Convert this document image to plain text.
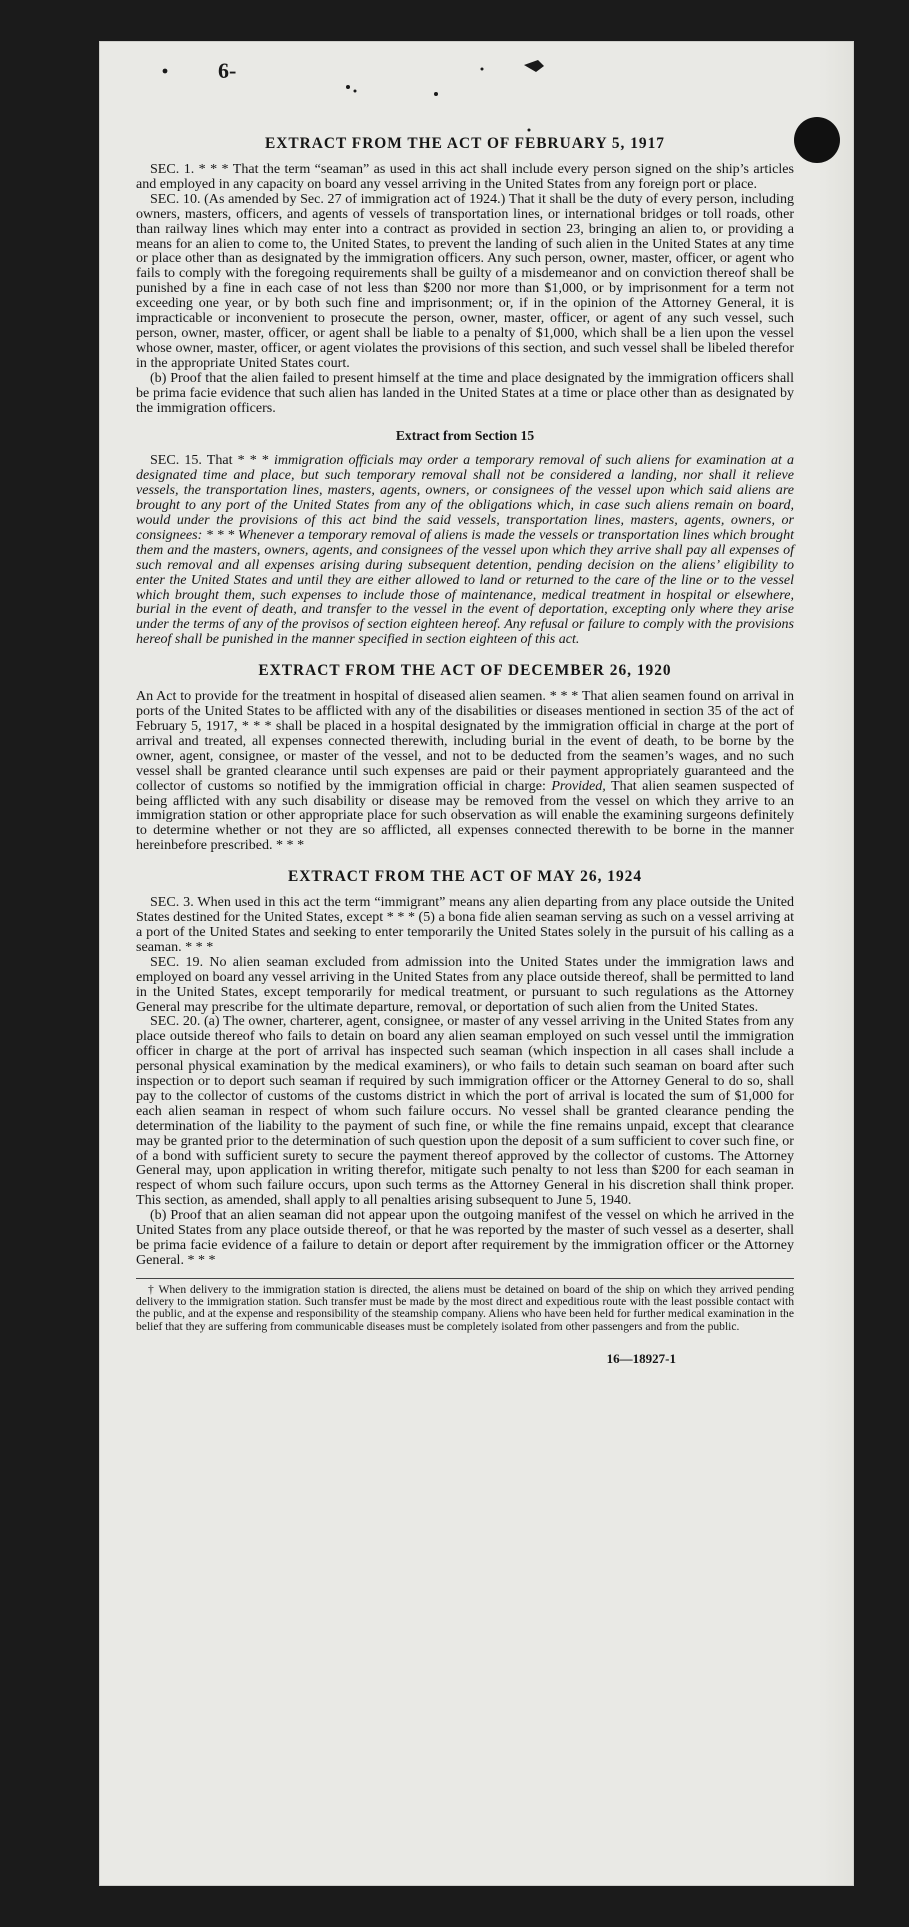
6-
EXTRACT FROM THE ACT OF FEBRUARY 5, 1917

SEC. 1. * * * That the term “seaman” as used in this act shall include every person signed on the ship’s articles and employed in any capacity on board any vessel arriving in the United States from any foreign port or place.

SEC. 10. (As amended by Sec. 27 of immigration act of 1924.) That it shall be the duty of every person, including owners, masters, officers, and agents of vessels of transportation lines, or international bridges or toll roads, other than railway lines which may enter into a contract as provided in section 23, bringing an alien to, or providing a means for an alien to come to, the United States, to prevent the landing of such alien in the United States at any time or place other than as designated by the immigration officers. Any such person, owner, master, officer, or agent who fails to comply with the foregoing requirements shall be guilty of a misdemeanor and on conviction thereof shall be punished by a fine in each case of not less than $200 nor more than $1,000, or by imprisonment for a term not exceeding one year, or by both such fine and imprisonment; or, if in the opinion of the Attorney General, it is impracticable or inconvenient to prosecute the person, owner, master, officer, or agent of any such vessel, such person, owner, master, officer, or agent shall be liable to a penalty of $1,000, which shall be a lien upon the vessel whose owner, master, officer, or agent violates the provisions of this section, and such vessel shall be libeled therefor in the appropriate United States court.

(b) Proof that the alien failed to present himself at the time and place designated by the immigration officers shall be prima facie evidence that such alien has landed in the United States at a time or place other than as designated by the immigration officers.

Extract from Section 15

SEC. 15. That * * * immigration officials may order a temporary removal of such aliens for examination at a designated time and place, but such temporary removal shall not be considered a landing, nor shall it relieve vessels, the transportation lines, masters, agents, owners, or consignees of the vessel upon which said aliens are brought to any port of the United States from any of the obligations which, in case such aliens remain on board, would under the provisions of this act bind the said vessels, transportation lines, masters, agents, owners, or consignees: * * * Whenever a temporary removal of aliens is made the vessels or transportation lines which brought them and the masters, owners, agents, and consignees of the vessel upon which they arrive shall pay all expenses of such removal and all expenses arising during subsequent detention, pending decision on the aliens’ eligibility to enter the United States and until they are either allowed to land or returned to the care of the line or to the vessel which brought them, such expenses to include those of maintenance, medical treatment in hospital or elsewhere, burial in the event of death, and transfer to the vessel in the event of deportation, excepting only where they arise under the terms of any of the provisos of section eighteen hereof. Any refusal or failure to comply with the provisions hereof shall be punished in the manner specified in section eighteen of this act.

EXTRACT FROM THE ACT OF DECEMBER 26, 1920

An Act to provide for the treatment in hospital of diseased alien seamen. * * * That alien seamen found on arrival in ports of the United States to be afflicted with any of the disabilities or diseases mentioned in section 35 of the act of February 5, 1917, * * * shall be placed in a hospital designated by the immigration official in charge at the port of arrival and treated, all expenses connected therewith, including burial in the event of death, to be borne by the owner, agent, consignee, or master of the vessel, and not to be deducted from the seamen’s wages, and no such vessel shall be granted clearance until such expenses are paid or their payment appropriately guaranteed and the collector of customs so notified by the immigration official in charge: Provided, That alien seamen suspected of being afflicted with any such disability or disease may be removed from the vessel on which they arrive to an immigration station or other appropriate place for such observation as will enable the examining surgeons definitely to determine whether or not they are so afflicted, all expenses connected therewith to be borne in the manner hereinbefore prescribed. * * *

EXTRACT FROM THE ACT OF MAY 26, 1924

SEC. 3. When used in this act the term “immigrant” means any alien departing from any place outside the United States destined for the United States, except * * * (5) a bona fide alien seaman serving as such on a vessel arriving at a port of the United States and seeking to enter temporarily the United States solely in the pursuit of his calling as a seaman. * * *

SEC. 19. No alien seaman excluded from admission into the United States under the immigration laws and employed on board any vessel arriving in the United States from any place outside thereof, shall be permitted to land in the United States, except temporarily for medical treatment, or pursuant to such regulations as the Attorney General may prescribe for the ultimate departure, removal, or deportation of such alien from the United States.

SEC. 20. (a) The owner, charterer, agent, consignee, or master of any vessel arriving in the United States from any place outside thereof who fails to detain on board any alien seaman employed on such vessel until the immigration officer in charge at the port of arrival has inspected such seaman (which inspection in all cases shall include a personal physical examination by the medical examiners), or who fails to detain such seaman on board after such inspection or to deport such seaman if required by such immigration officer or the Attorney General to do so, shall pay to the collector of customs of the customs district in which the port of arrival is located the sum of $1,000 for each alien seaman in respect of whom such failure occurs. No vessel shall be granted clearance pending the determination of the liability to the payment of such fine, or while the fine remains unpaid, except that clearance may be granted prior to the determination of such question upon the deposit of a sum sufficient to cover such fine, or of a bond with sufficient surety to secure the payment thereof approved by the collector of customs. The Attorney General may, upon application in writing therefor, mitigate such penalty to not less than $200 for each seaman in respect of whom such failure occurs, upon such terms as the Attorney General in his discretion shall think proper. This section, as amended, shall apply to all penalties arising subsequent to June 5, 1940.

(b) Proof that an alien seaman did not appear upon the outgoing manifest of the vessel on which he arrived in the United States from any place outside thereof, or that he was reported by the master of such vessel as a deserter, shall be prima facie evidence of a failure to detain or deport after requirement by the immigration officer or the Attorney General. * * *

† When delivery to the immigration station is directed, the aliens must be detained on board of the ship on which they arrived pending delivery to the immigration station. Such transfer must be made by the most direct and expeditious route with the least possible contact with the public, and at the expense and responsibility of the steamship company. Aliens who have been held for further medical examination in the belief that they are suffering from communicable diseases must be completely isolated from other passengers and from the public.
16—18927-1
